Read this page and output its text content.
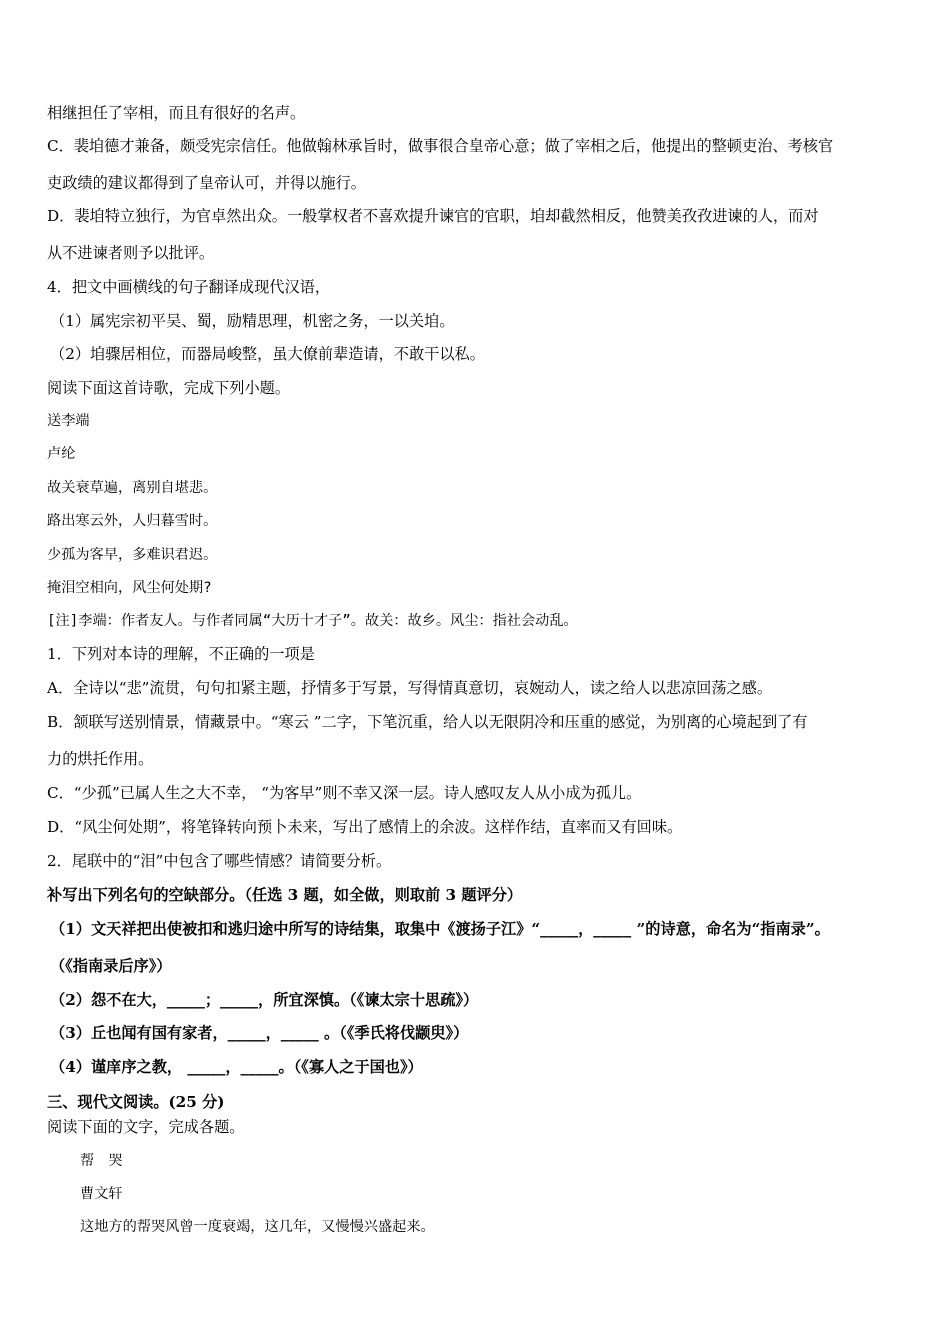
相继担任了宰相，而且有很好的名声。
C．裴垍德才兼备，颇受宪宗信任。他做翰林承旨时，做事很合皇帝心意；做了宰相之后，他提出的整顿吏治、考核官
吏政绩的建议都得到了皇帝认可，并得以施行。
D．裴垍特立独行，为官卓然出众。一般掌权者不喜欢提升谏官的官职，垍却截然相反，他赞美孜孜进谏的人，而对
从不进谏者则予以批评。
4．把文中画横线的句子翻译成现代汉语，
（1）属宪宗初平吴、蜀，励精思理，机密之务，一以关垍。
（2）垍骤居相位，而器局峻整，虽大僚前辈造请，不敢干以私。
阅读下面这首诗歌，完成下列小题。
送李端
卢纶
故关衰草遍，离别自堪悲。
路出寒云外，人归暮雪时。
少孤为客早，多难识君迟。
掩泪空相向，风尘何处期?
[注]李端：作者友人。与作者同属“大历十才子”。故关：故乡。风尘：指社会动乱。
1．下列对本诗的理解，不正确的一项是
A．全诗以“悲”流贯，句句扣紧主题，抒情多于写景，写得情真意切，哀婉动人，读之给人以悲凉回荡之感。
B．颔联写送别情景，情藏景中。“寒云 ”二字，下笔沉重，给人以无限阴冷和压重的感觉，为别离的心境起到了有
力的烘托作用。
C．“少孤”已属人生之大不幸， “为客早”则不幸又深一层。诗人感叹友人从小成为孤儿。
D．“风尘何处期”，将笔锋转向预卜未来，写出了感情上的余波。这样作结，直率而又有回味。
2．尾联中的“泪”中包含了哪些情感？请简要分析。
补写出下列名句的空缺部分。（任选 3 题，如全做，则取前 3 题评分）
（1）文天祥把出使被扣和逃归途中所写的诗结集，取集中《渡扬子江》“_____，_____ ”的诗意，命名为“指南录”。
（《指南录后序》）
（2）怨不在大，_____；_____，所宜深慎。（《谏太宗十思疏》）
（3）丘也闻有国有家者，_____，_____ 。（《季氏将伐颛臾》）
（4）谨庠序之教， _____，_____。（《寡人之于国也》）
三、现代文阅读。(25 分)
阅读下面的文字，完成各题。
帮　哭
曹文轩
这地方的帮哭风曾一度衰竭，这几年，又慢慢兴盛起来。
